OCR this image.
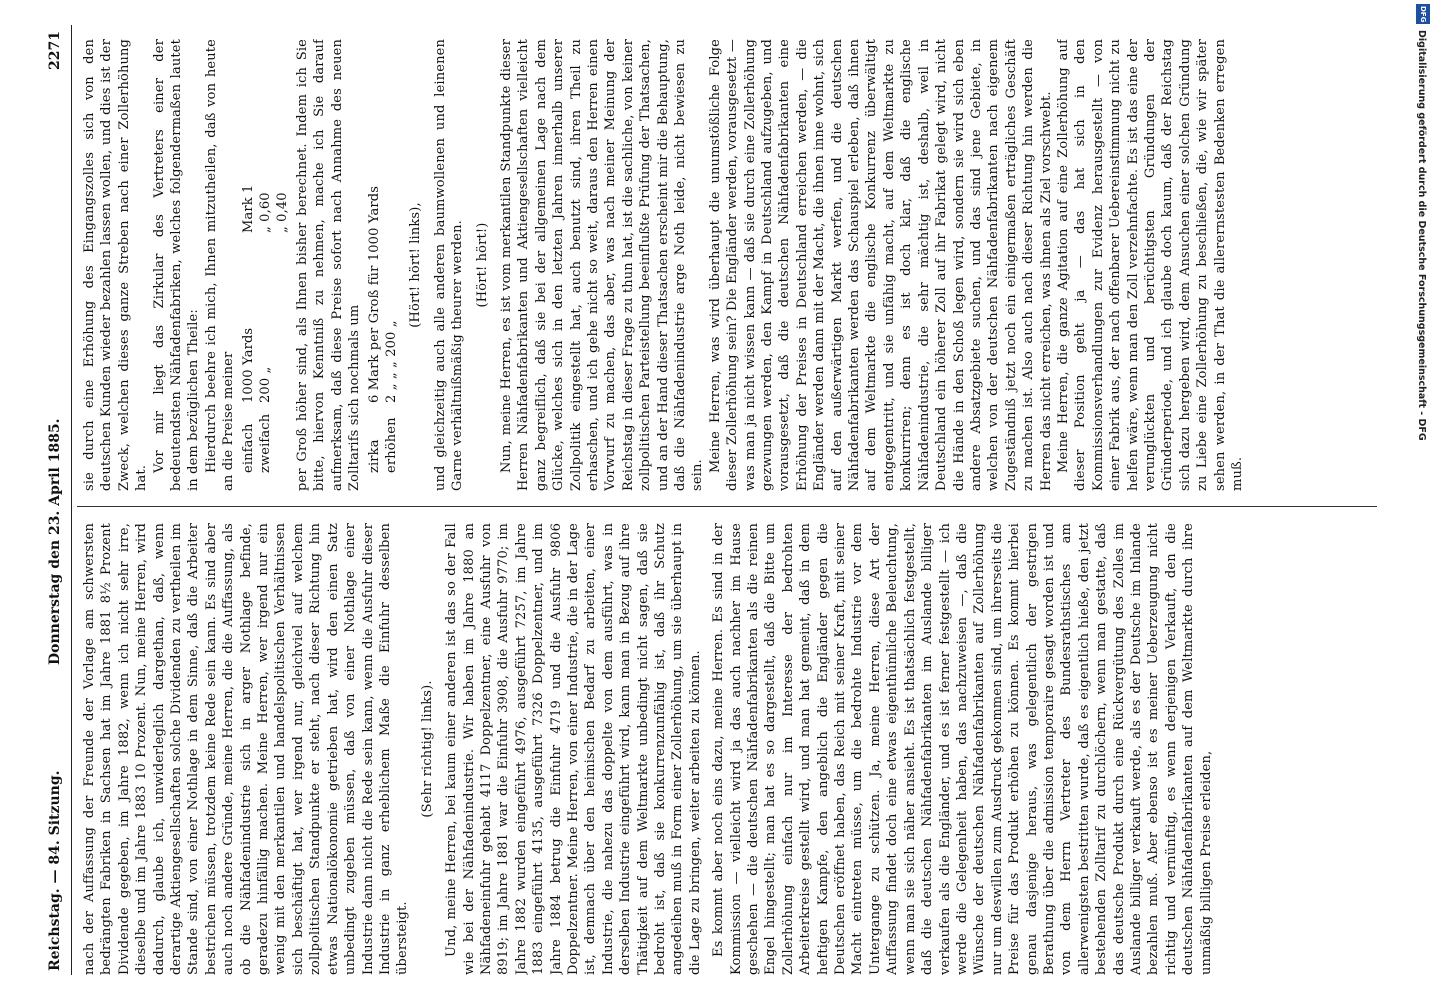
Reichstag. — 84. Sitzung.
Donnerstag den 23. April 1885.
2271

nach der Auffassung der Freunde der Vorlage am schwersten bedrängten Fabriken in Sachsen hat im Jahre 1881 8½ Prozent Dividende gegeben, im Jahre 1882, wenn ich nicht sehr irre, dieselbe und im Jahre 1883 10 Prozent. Nun, meine Herren, wird dadurch, glaube ich, unwiderleglich dargethan, daß, wenn derartige Aktiengesellschaften solche Dividenden zu vertheilen im Stande sind, von einer Nothlage in dem Sinne, daß die Arbeiter bestrichen müssen, trotzdem keine Rede sein kann. Es sind aber auch noch andere Gründe, meine Herren, die die Auffassung, als ob die Nähfadenindustrie sich in arger Nothlage befinde, geradezu hinfällig machen. Meine Herren, wer irgend nur ein wenig mit den merkantilen und handelspolitischen Verhältnissen sich beschäftigt hat, wer irgend nur, gleichviel auf welchem zollpolitischen Standpunkte er steht, nach dieser Richtung hin etwas Nationalökonomie getrieben hat, wird den einen Satz unbedingt zugeben müssen, daß von einer Nothlage einer Industrie dann nicht die Rede sein kann, wenn die Ausfuhr dieser Industrie in ganz erheblichem Maße die Einfuhr desselben übersteigt.

(Sehr richtig! links). Und, meine Herren, bei kaum einer anderen ist das so der Fall wie bei der Nähfadenindustrie. Wir haben im Jahre 1880 an Nähfadeneinfuhr gehabt 4117 Doppelzentner, eine Ausfuhr von 8919; im Jahre 1881 war die Einfuhr 3908, die Ausfuhr 9770; im Jahre 1882 wurden eingeführt 4976, ausgeführt 7257, im Jahre 1883 eingeführt 4135, ausgeführt 7326 Doppelzentner, und im Jahre 1884 betrug die Einfuhr 4719 und die Ausfuhr 9806 Doppelzentner. Meine Herren, von einer Industrie, die in der Lage ist, demnach über den heimischen Bedarf zu arbeiten, einer Industrie, die nahezu das doppelte von dem ausführt, was in derselben Industrie eingeführt wird, kann man in Bezug auf ihre Thätigkeit auf dem Weltmarkte unbedingt nicht sagen, daß sie bedroht ist, daß sie konkurrenzunfähig ist, daß ihr Schutz angedeihen muß in Form einer Zollerhöhung, um sie überhaupt in die Lage zu bringen, weiter arbeiten zu können. Es kommt aber noch eins dazu, meine Herren. Es sind in der Kommission — vielleicht wird ja das auch nachher im Hause geschehen — die deutschen Nähfadenfabrikanten als die reinen Engel hingestellt; man hat es so dargestellt, daß die Bitte um Zollerhöhung einfach nur im Interesse der bedrohten Arbeiterkreise gestellt wird, und man hat gemeint, daß in dem heftigen Kampfe, den angeblich die Engländer gegen die Deutschen eröffnet haben, das Reich mit seiner Kraft, mit seiner Macht eintreten müsse, um die bedrohte Industrie vor dem Untergange zu schützen. Ja, meine Herren, diese Art der Auffassung findet doch eine etwas eigenthümliche Beleuchtung, wenn man sie sich näher ansieht. Es ist thatsächlich festgestellt, daß die deutschen Nähfadenfabrikanten im Auslande billiger verkaufen als die Engländer, und es ist ferner festgestellt — ich werde die Gelegenheit haben, das nachzuweisen —, daß die Wünsche der deutschen Nähfadenfabrikanten auf Zollerhöhung nur um deswillen zum Ausdruck gekommen sind, um ihrerseits die Preise für das Produkt erhöhen zu können. Es kommt hierbei genau dasjenige heraus, was gelegentlich der gestrigen Berathung über die admission temporaire gesagt worden ist und von dem Herrn Vertreter des Bundesrathstisches am allerwenigsten bestritten wurde, daß es eigentlich hieße, den jetzt bestehenden Zolltarif zu durchlöchern, wenn man gestatte, daß das deutsche Produkt durch eine Rückvergütung des Zolles im Auslande billiger verkauft werde, als es der Deutsche im Inlande bezahlen muß. Aber ebenso ist es meiner Ueberzeugung nicht richtig und vernünftig, es wenn derjenigen Verkauft, den die deutschen Nähfadenfabrikanten auf dem Weltmarkte durch ihre unmäßig billigen Preise erleiden,

sie durch eine Erhöhung des Eingangszolles sich von den deutschen Kunden wieder bezahlen lassen wollen, und dies ist der Zweck, welchen dieses ganze Streben nach einer Zollerhöhung hat.

Vor mir liegt das Zirkular des Vertreters einer der bedeutendsten Nähfadenfabriken, welches folgendermaßen lautet in dem bezüglichen Theile: Hierdurch beehre ich mich, Ihnen mitzutheilen, daß von heute an die Preise meiner einfach
1000 Yards
Mark 1
zweifach
200 „
„ 0,60 „ 0,40 per Groß höher sind, als Ihnen bisher berechnet. Indem ich Sie bitte, hiervon Kenntniß zu nehmen, mache ich Sie darauf aufmerksam, daß diese Preise sofort nach Annahme des neuen Zolltarifs sich nochmals um zirka
6 Mark per Groß für 1000 Yards
erhöhen
2 „ „ „ 200 „

(Hört! hört! links), und gleichzeitig auch alle anderen baumwollenen und leinenen Garne verhältnißmäßig theurer werden. (Hört! hört!) Nun, meine Herren, es ist vom merkantilen Standpunkte dieser Herren Nähfadenfabrikanten und Aktiengesellschaften vielleicht ganz begreiflich, daß sie bei der allgemeinen Lage nach dem Glücke, welches sich in den letzten Jahren innerhalb unserer Zollpolitik eingestellt hat, auch benutzt sind, ihren Theil zu erhaschen, und ich gehe nicht so weit, daraus den Herren einen Vorwurf zu machen, das aber, was nach meiner Meinung der Reichstag in dieser Frage zu thun hat, ist die sachliche, von keiner zollpolitischen Parteistellung beeinflußte Prüfung der Thatsachen, und an der Hand dieser Thatsachen erscheint mir die Behauptung, daß die Nähfadenindustrie arge Noth leide, nicht bewiesen zu sein.

Meine Herren, was wird überhaupt die unumstößliche Folge dieser Zollerhöhung sein? Die Engländer werden, vorausgesetzt — was man ja nicht wissen kann — daß sie durch eine Zollerhöhung gezwungen werden, den Kampf in Deutschland aufzugeben, und vorausgesetzt, daß die deutschen Nähfadenfabrikanten eine Erhöhung der Preises in Deutschland erreichen werden, — die Engländer werden dann mit der Macht, die ihnen inne wohnt, sich auf den außerwärtigen Markt werfen, und die deutschen Nähfadenfabrikanten werden das Schauspiel erleben, daß ihnen auf dem Weltmarkte die englische Konkurrenz überwältigt entgegentritt, und sie unfähig macht, auf dem Weltmarkte zu konkurriren; denn es ist doch klar, daß die englische Nähfadenindustrie, die sehr mächtig ist, deshalb, weil in Deutschland ein höherer Zoll auf ihr Fabrikat gelegt wird, nicht die Hände in den Schoß legen wird, sondern sie wird sich eben andere Absatzgebiete suchen, und das sind jene Gebiete, in welchen von der deutschen Nähfadenfabrikanten nach eigenem Zugeständniß jetzt noch ein einigermaßen erträgliches Geschäft zu machen ist. Also auch nach dieser Richtung hin werden die Herren das nicht erreichen, was ihnen als Ziel vorschwebt. Meine Herren, die ganze Agitation auf eine Zollerhöhung auf dieser Position geht ja — das hat sich in den Kommissionsverhandlungen zur Evidenz herausgestellt — von einer Fabrik aus, der nach offenbarer Uebereinstimmung nicht zu helfen wäre, wenn man den Zoll verzehnfachte. Es ist das eine der verunglückten und berüchtigsten Gründungen der Gründerperiode, und ich glaube doch kaum, daß der Reichstag sich dazu hergeben wird, dem Ansuchen einer solchen Gründung zu Liebe eine Zollerhöhung zu beschließen, die, wie wir später sehen werden, in der That die allerernstesten Bedenken erregen muß.

DFG
Digitalisierung gefördert durch die Deutsche Forschungsgemeinschaft - DFG
